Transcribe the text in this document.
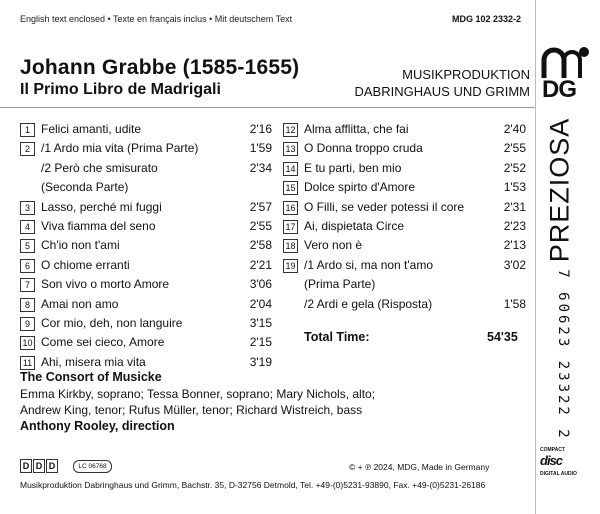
English text enclosed • Texte en français inclus • Mit deutschem Text	MDG 102 2332-2
Johann Grabbe (1585-1655)
Il Primo Libro de Madrigali
MUSIKPRODUKTION
DABRINGHAUS UND GRIMM
1 Felici amanti, udite	2'16
2 /1 Ardo mia vita (Prima Parte)	1'59
/2 Però che smisurato	2'34
(Seconda Parte)
3 Lasso, perché mi fuggi	2'57
4 Viva fiamma del seno	2'55
5 Ch'io non t'ami	2'58
6 O chiome erranti	2'21
7 Son vivo o morto Amore	3'06
8 Amai non amo	2'04
9 Cor mio, deh, non languire	3'15
10 Come sei cieco, Amore	2'15
11 Ahi, misera mia vita	3'19
12 Alma afflitta, che fai	2'40
13 O Donna troppo cruda	2'55
14 E tu parti, ben mio	2'52
15 Dolce spirto d'Amore	1'53
16 O Filli, se veder potessi il core	2'31
17 Ai, dispietata Circe	2'23
18 Vero non è	2'13
19 /1 Ardo si, ma non t'amo	3'02
(Prima Parte)
/2 Ardi e gela (Risposta)	1'58
Total Time:	54'35
The Consort of Musicke
Emma Kirkby, soprano; Tessa Bonner, soprano; Mary Nichols, alto;
Andrew King, tenor; Rufus Müller, tenor; Richard Wistreich, bass
Anthony Rooley, direction
D D D	LC 06768	© + ℗ 2024, MDG, Made in Germany
Musikproduktion Dabringhaus und Grimm, Bachstr. 35, D-32756 Detmold, Tel. +49-(0)5231-93890, Fax. +49-(0)5231-26186
COMPACT
disc
DIGITAL AUDIO
DG
PREZIOSA
7 60623 23322 2
